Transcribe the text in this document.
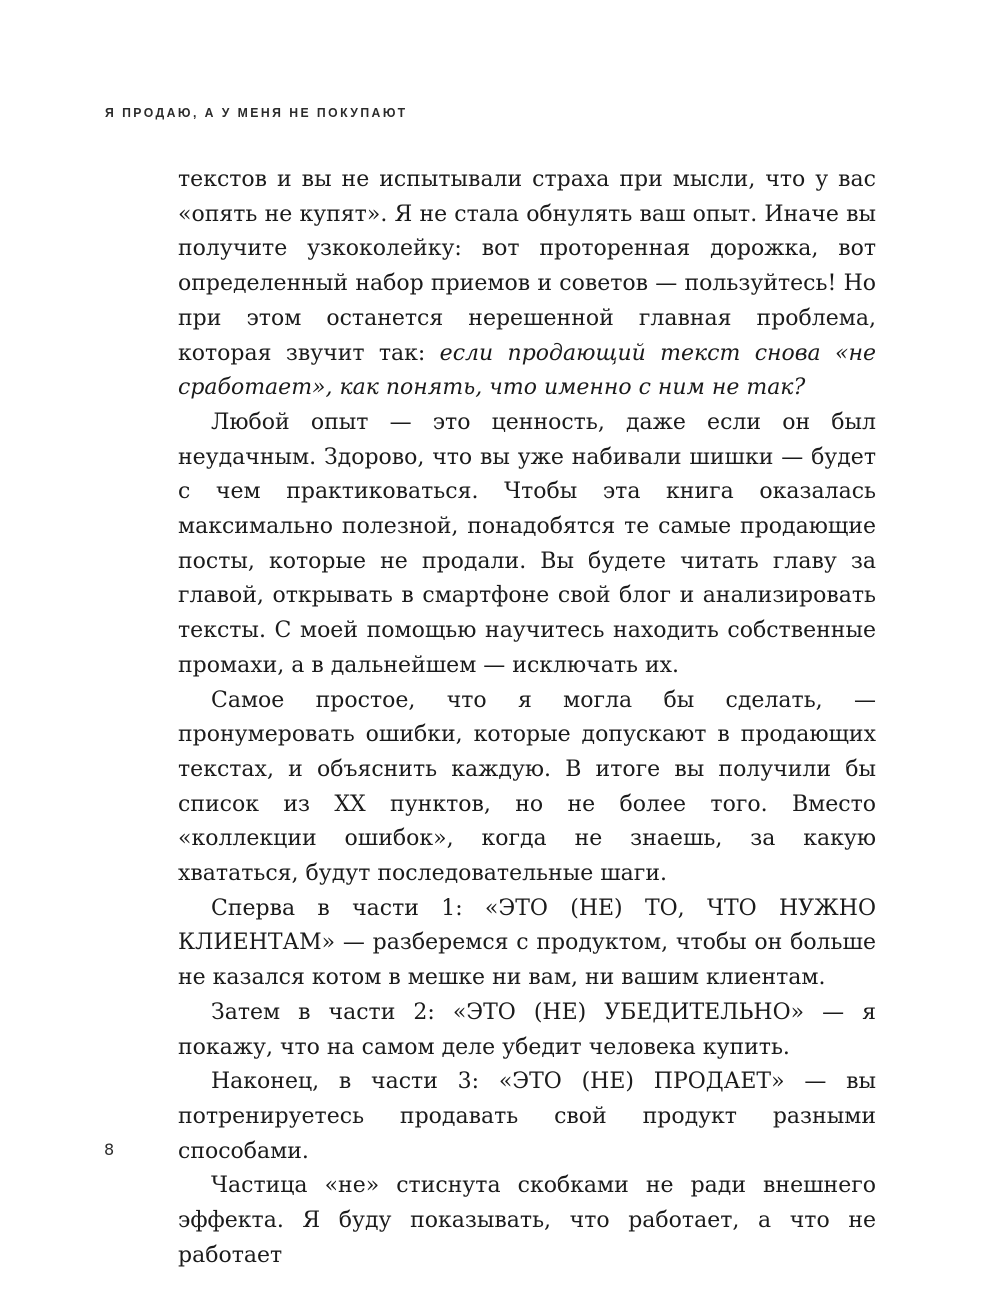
Я ПРОДАЮ, А У МЕНЯ НЕ ПОКУПАЮТ

текстов и вы не испытывали страха при мысли, что у вас «опять не купят». Я не стала обнулять ваш опыт. Иначе вы получите узкоколейку: вот проторенная дорожка, вот определенный набор приемов и советов — пользуйтесь! Но при этом останется нерешенной главная проблема, которая звучит так: если продающий текст снова «не сработает», как понять, что именно с ним не так?

Любой опыт — это ценность, даже если он был неудачным. Здорово, что вы уже набивали шишки — будет с чем практиковаться. Чтобы эта книга оказалась максимально полезной, понадобятся те самые продающие посты, которые не продали. Вы будете читать главу за главой, открывать в смартфоне свой блог и анализировать тексты. С моей помощью научитесь находить собственные промахи, а в дальнейшем — исключать их.

Самое простое, что я могла бы сделать, — пронумеровать ошибки, которые допускают в продающих текстах, и объяснить каждую. В итоге вы получили бы список из XX пунктов, но не более того. Вместо «коллекции ошибок», когда не знаешь, за какую хвататься, будут последовательные шаги.

Сперва в части 1: «ЭТО (НЕ) ТО, ЧТО НУЖНО КЛИЕНТАМ» — разберемся с продуктом, чтобы он больше не казался котом в мешке ни вам, ни вашим клиентам.

Затем в части 2: «ЭТО (НЕ) УБЕДИТЕЛЬНО» — я покажу, что на самом деле убедит человека купить.

Наконец, в части 3: «ЭТО (НЕ) ПРОДАЕТ» — вы потренируетесь продавать свой продукт разными способами.

Частица «не» стиснута скобками не ради внешнего эффекта. Я буду показывать, что работает, а что не работает

8
